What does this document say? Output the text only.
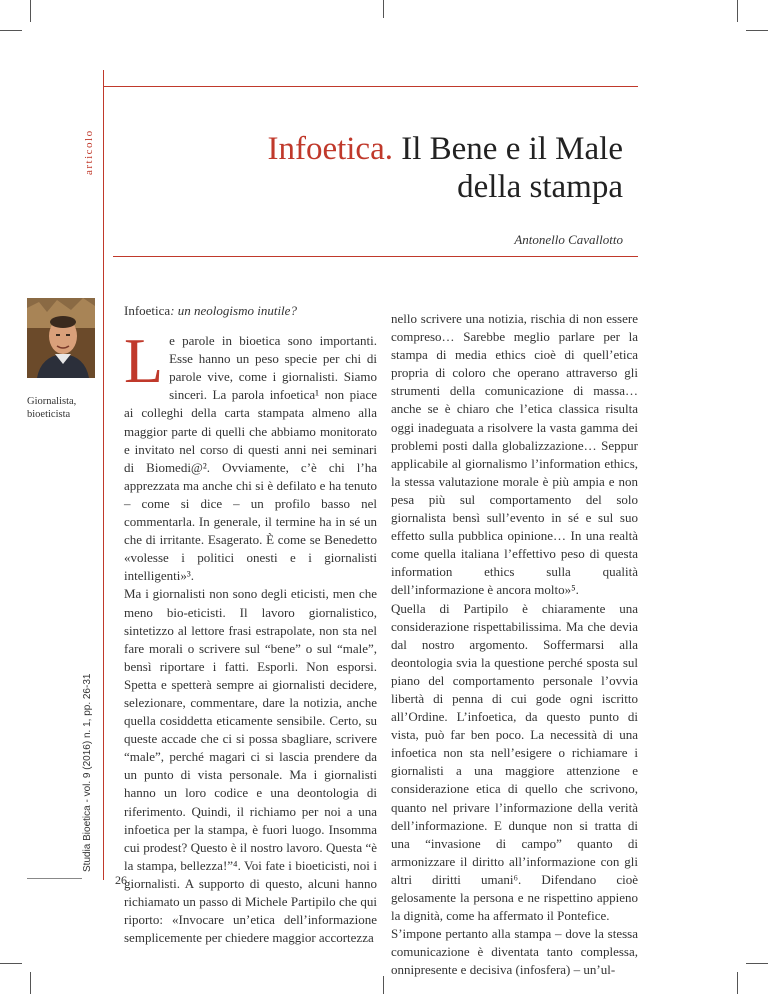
articolo	Infoetica. Il Bene e il Male
della stampa
Antonello Cavallotto
Giornalista,
bioeticista
Studia Bioetica - vol. 9 (2016) n. 1, pp. 26-31
26
Infoetica: un neologismo inutile?
L e parole in bioetica sono importanti. Esse hanno un peso specie per chi di parole vive, come i giornalisti. Siamo sinceri. La parola infoetica¹ non piace ai colleghi della carta stampata almeno alla maggior parte di quelli che abbiamo monitorato e invitato nel corso di questi anni nei seminari di Biomedi@². Ovviamente, c’è chi l’ha apprezzata ma anche chi si è defilato e ha tenuto – come si dice – un profilo basso nel commentarla. In generale, il termine ha in sé un che di irritante. Esagerato. È come se Benedetto «volesse i politici onesti e i giornalisti intelligenti»³.

Ma i giornalisti non sono degli eticisti, men che meno bio-eticisti. Il lavoro giornalistico, sintetizzo al lettore frasi estrapolate, non sta nel fare morali o scrivere sul “bene” o sul “male”, bensì riportare i fatti. Esporli. Non esporsi. Spetta e spetterà sempre ai giornalisti decidere, selezionare, commentare, dare la notizia, anche quella cosiddetta eticamente sensibile. Certo, su queste accade che ci si possa sbagliare, scrivere “male”, perché magari ci si lascia prendere da un punto di vista personale. Ma i giornalisti hanno un loro codice e una deontologia di riferimento. Quindi, il richiamo per noi a una infoetica per la stampa, è fuori luogo. Insomma cui prodest? Questo è il nostro lavoro. Questa “è la stampa, bellezza!”⁴. Voi fate i bioeticisti, noi i giornalisti. A supporto di questo, alcuni hanno richiamato un passo di Michele Partipilo che qui riporto: «Invocare un’etica dell’informazione semplicemente per chiedere maggior accortezza

nello scrivere una notizia, rischia di non essere compreso… Sarebbe meglio parlare per la stampa di media ethics cioè di quell’etica propria di coloro che operano attraverso gli strumenti della comunicazione di massa… anche se è chiaro che l’etica classica risulta oggi inadeguata a risolvere la vasta gamma dei problemi posti dalla globalizzazione… Seppur applicabile al giornalismo l’information ethics, la stessa valutazione morale è più ampia e non pesa più sul comportamento del solo giornalista bensì sull’evento in sé e sul suo effetto sulla pubblica opinione… In una realtà come quella italiana l’effettivo peso di questa information ethics sulla qualità dell’informazione è ancora molto»⁵.

Quella di Partipilo è chiaramente una considerazione rispettabilissima. Ma che devia dal nostro argomento. Soffermarsi alla deontologia svia la questione perché sposta sul piano del comportamento personale l’ovvia libertà di penna di cui gode ogni iscritto all’Ordine. L’infoetica, da questo punto di vista, può far ben poco. La necessità di una infoetica non sta nell’esigere o richiamare i giornalisti a una maggiore attenzione e considerazione etica di quello che scrivono, quanto nel privare l’informazione della verità dell’informazione. E dunque non si tratta di una “invasione di campo” quanto di armonizzare il diritto all’informazione con gli altri diritti umani⁶. Difendano cioè gelosamente la persona e ne rispettino appieno la dignità, come ha affermato il Pontefice.

S’impone pertanto alla stampa – dove la stessa comunicazione è diventata tanto complessa, onnipresente e decisiva (infosfera) – un’ul-
